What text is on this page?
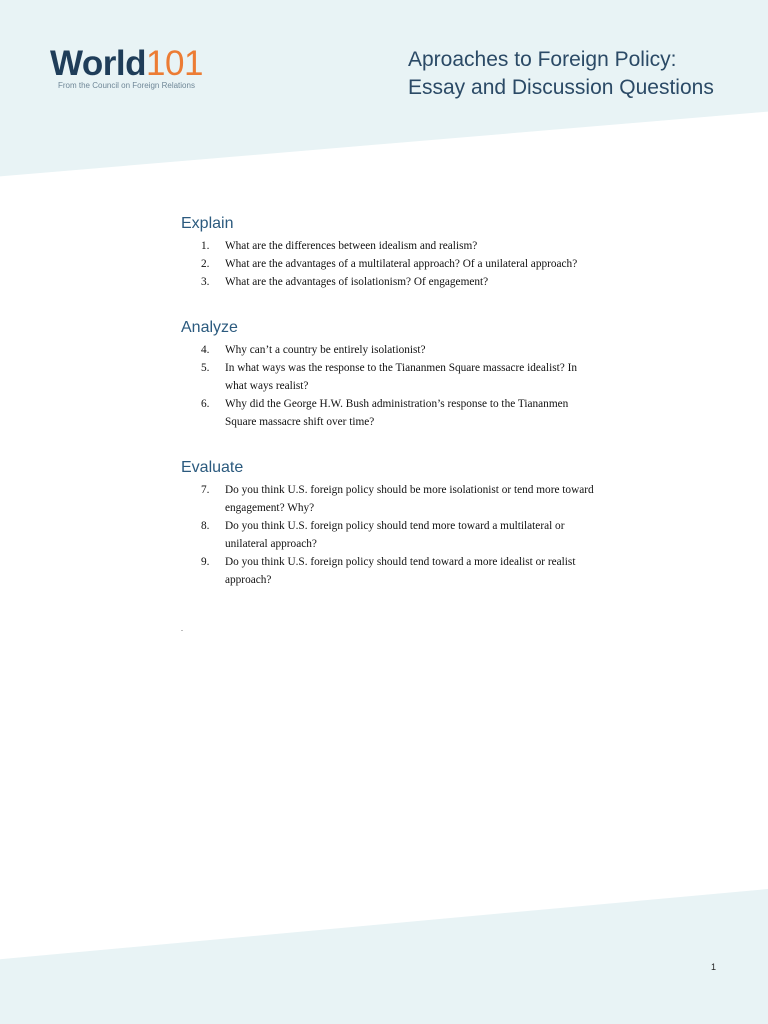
World101
From the Council on Foreign Relations
Aproaches to Foreign Policy:
Essay and Discussion Questions
Explain
1. What are the differences between idealism and realism?
2. What are the advantages of a multilateral approach? Of a unilateral approach?
3. What are the advantages of isolationism? Of engagement?
Analyze
4. Why can’t a country be entirely isolationist?
5. In what ways was the response to the Tiananmen Square massacre idealist? In what ways realist?
6. Why did the George H.W. Bush administration’s response to the Tiananmen Square massacre shift over time?
Evaluate
7. Do you think U.S. foreign policy should be more isolationist or tend more toward engagement? Why?
8. Do you think U.S. foreign policy should tend more toward a multilateral or unilateral approach?
9. Do you think U.S. foreign policy should tend toward a more idealist or realist approach?
.
1
